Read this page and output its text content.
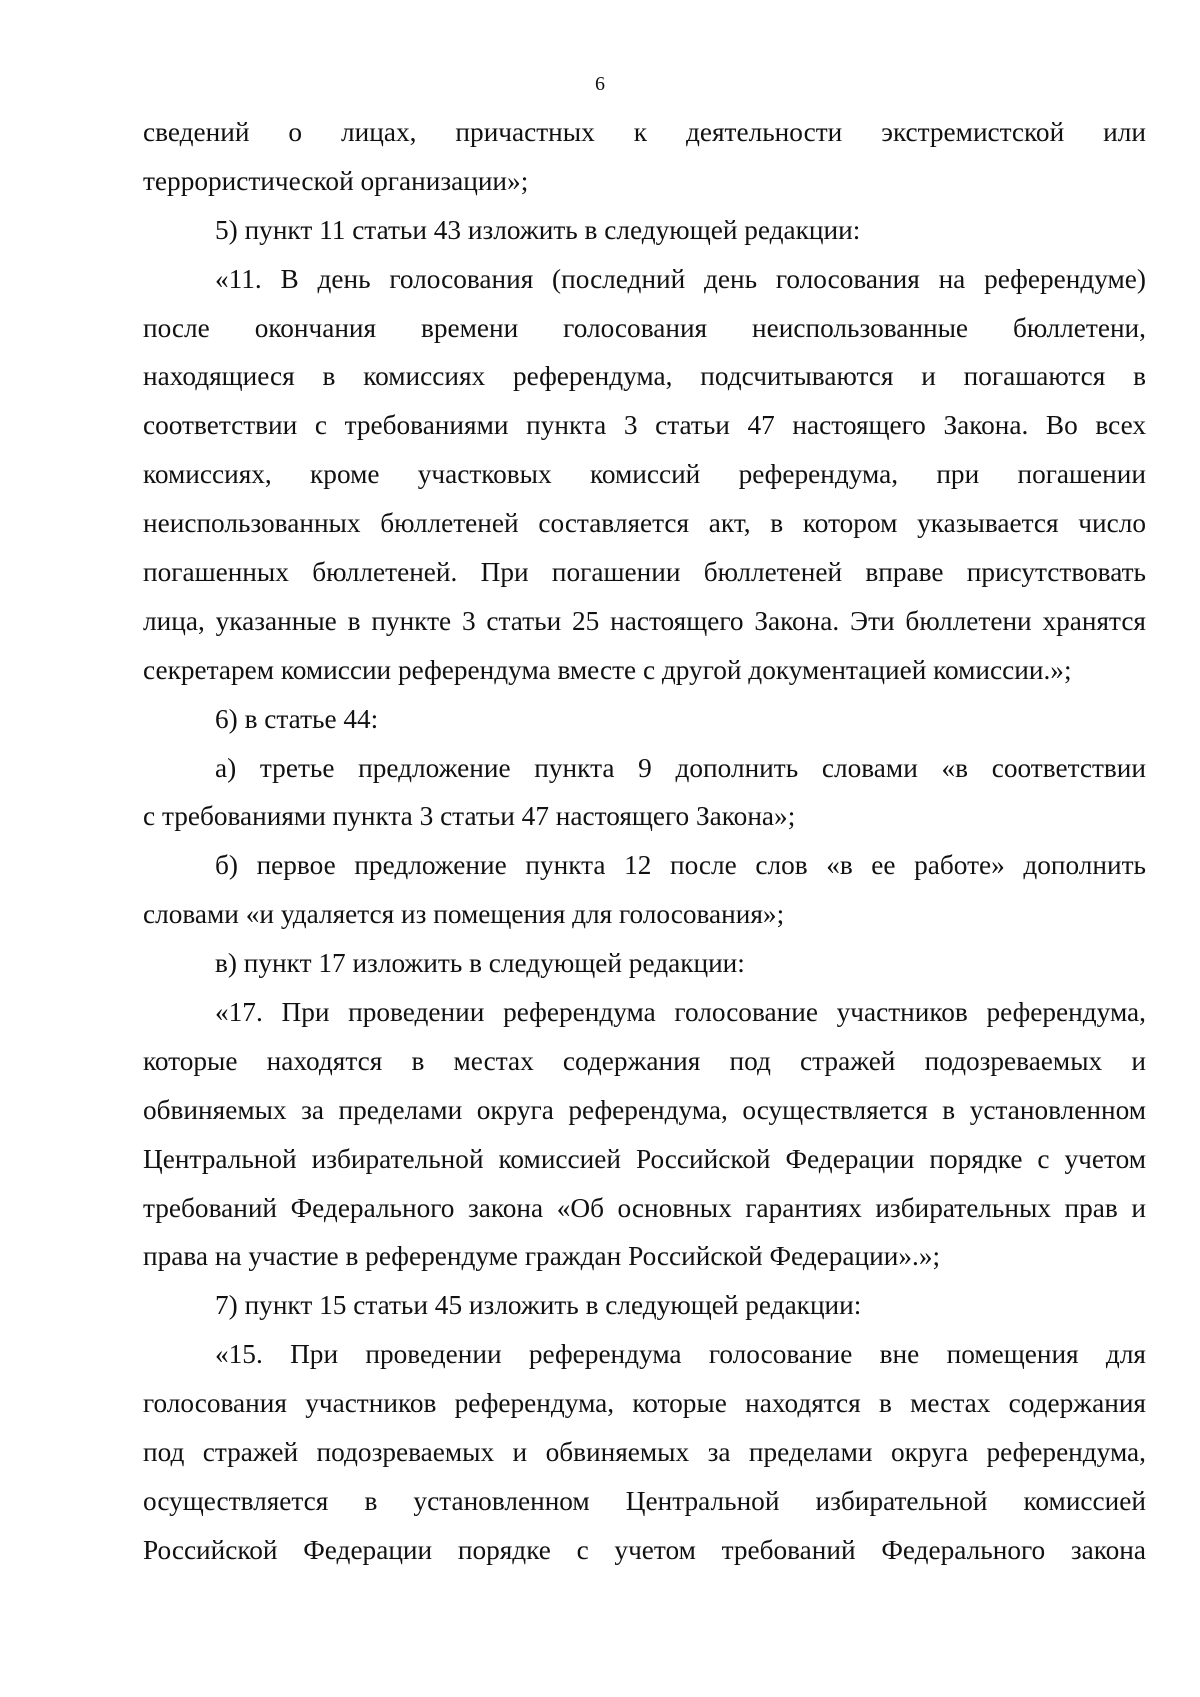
6
сведений о лицах, причастных к деятельности экстремистской или
террористической организации»;
5) пункт 11 статьи 43 изложить в следующей редакции:
«11. В день голосования (последний день голосования на референдуме)
после окончания времени голосования неиспользованные бюллетени,
находящиеся в комиссиях референдума, подсчитываются и погашаются в
соответствии с требованиями пункта 3 статьи 47 настоящего Закона. Во всех
комиссиях, кроме участковых комиссий референдума, при погашении
неиспользованных бюллетеней составляется акт, в котором указывается число
погашенных бюллетеней. При погашении бюллетеней вправе присутствовать
лица, указанные в пункте 3 статьи 25 настоящего Закона. Эти бюллетени хранятся
секретарем комиссии референдума вместе с другой документацией комиссии.»;
6) в статье 44:
а) третье предложение пункта 9 дополнить словами «в соответствии
с требованиями пункта 3 статьи 47 настоящего Закона»;
б) первое предложение пункта 12 после слов «в ее работе» дополнить
словами «и удаляется из помещения для голосования»;
в) пункт 17 изложить в следующей редакции:
«17. При проведении референдума голосование участников референдума,
которые находятся в местах содержания под стражей подозреваемых и
обвиняемых за пределами округа референдума, осуществляется в установленном
Центральной избирательной комиссией Российской Федерации порядке с учетом
требований Федерального закона «Об основных гарантиях избирательных прав и
права на участие в референдуме граждан Российской Федерации».»;
7) пункт 15 статьи 45 изложить в следующей редакции:
«15. При проведении референдума голосование вне помещения для
голосования участников референдума, которые находятся в местах содержания
под стражей подозреваемых и обвиняемых за пределами округа референдума,
осуществляется в установленном Центральной избирательной комиссией
Российской Федерации порядке с учетом требований Федерального закона
